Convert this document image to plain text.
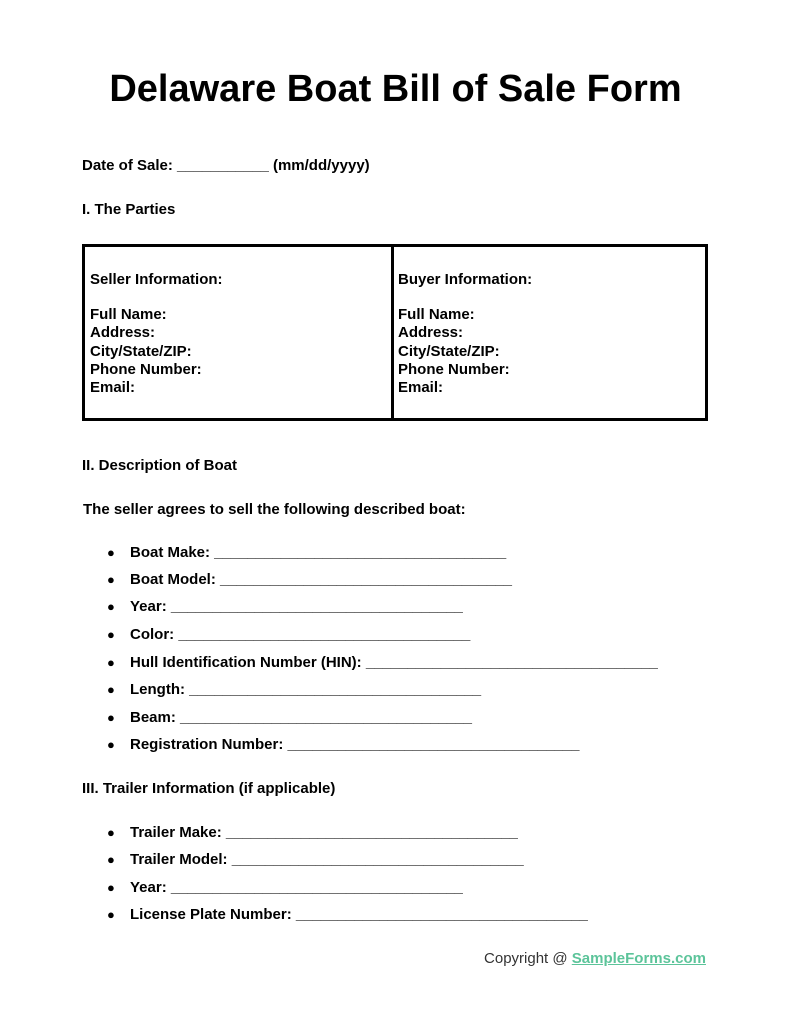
Delaware Boat Bill of Sale Form
Date of Sale: ___________ (mm/dd/yyyy)
I. The Parties
Seller Information:
Full Name:
Address:
City/State/ZIP:
Phone Number:
Email:
Buyer Information:
Full Name:
Address:
City/State/ZIP:
Phone Number:
Email:
II. Description of Boat
The seller agrees to sell the following described boat:
● Boat Make: ___________________________________
● Boat Model: ___________________________________
● Year: ___________________________________
● Color: ___________________________________
● Hull Identification Number (HIN): ___________________________________
● Length: ___________________________________
● Beam: ___________________________________
● Registration Number: ___________________________________
III. Trailer Information (if applicable)
● Trailer Make: ___________________________________
● Trailer Model: ___________________________________
● Year: ___________________________________
● License Plate Number: ___________________________________
Copyright @ SampleForms.com
